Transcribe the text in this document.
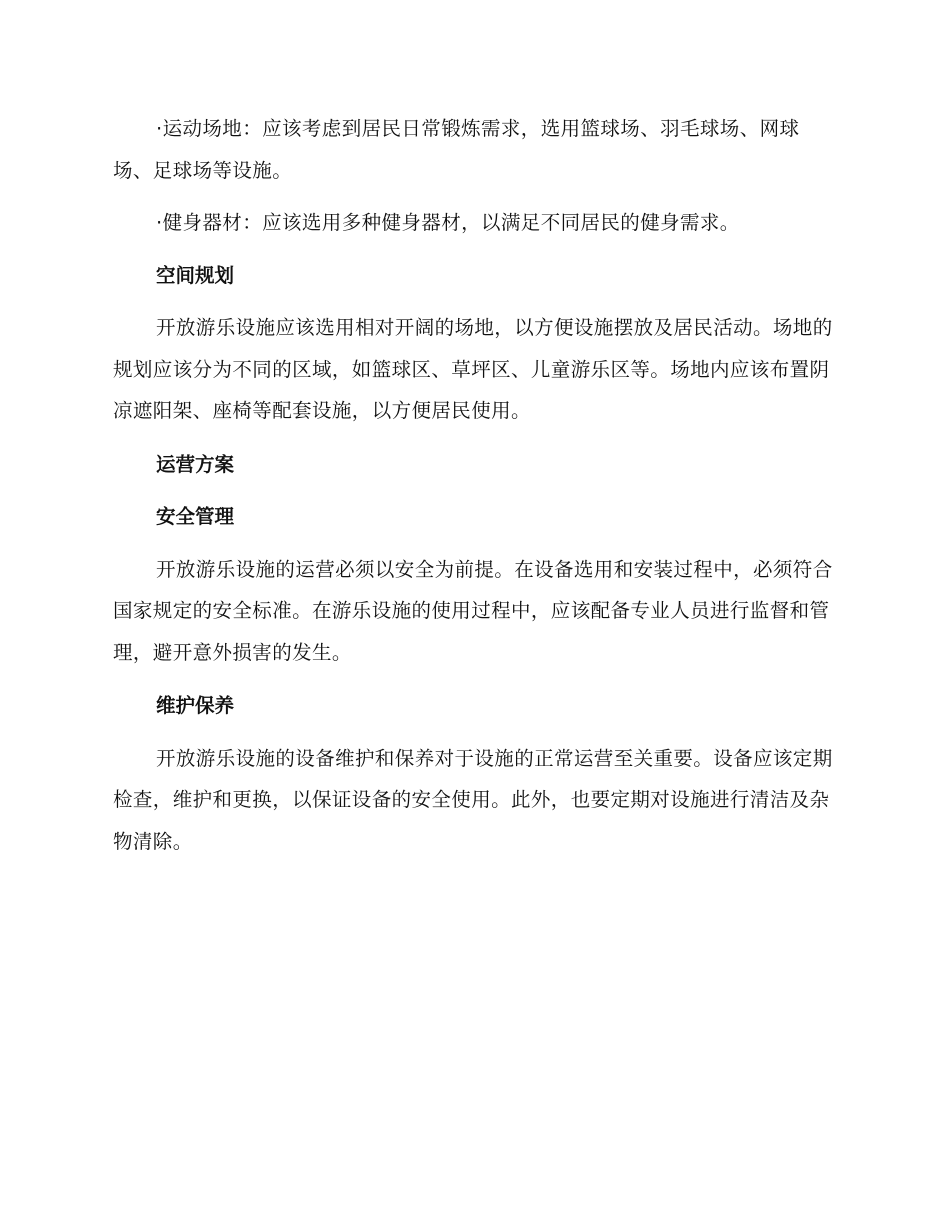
·运动场地：应该考虑到居民日常锻炼需求，选用篮球场、羽毛球场、网球场、足球场等设施。

·健身器材：应该选用多种健身器材，以满足不同居民的健身需求。

空间规划

开放游乐设施应该选用相对开阔的场地，以方便设施摆放及居民活动。场地的规划应该分为不同的区域，如篮球区、草坪区、儿童游乐区等。场地内应该布置阴凉遮阳架、座椅等配套设施，以方便居民使用。

运营方案
安全管理

开放游乐设施的运营必须以安全为前提。在设备选用和安装过程中，必须符合国家规定的安全标准。在游乐设施的使用过程中，应该配备专业人员进行监督和管理，避开意外损害的发生。

维护保养

开放游乐设施的设备维护和保养对于设施的正常运营至关重要。设备应该定期检查，维护和更换，以保证设备的安全使用。此外，也要定期对设施进行清洁及杂物清除。
